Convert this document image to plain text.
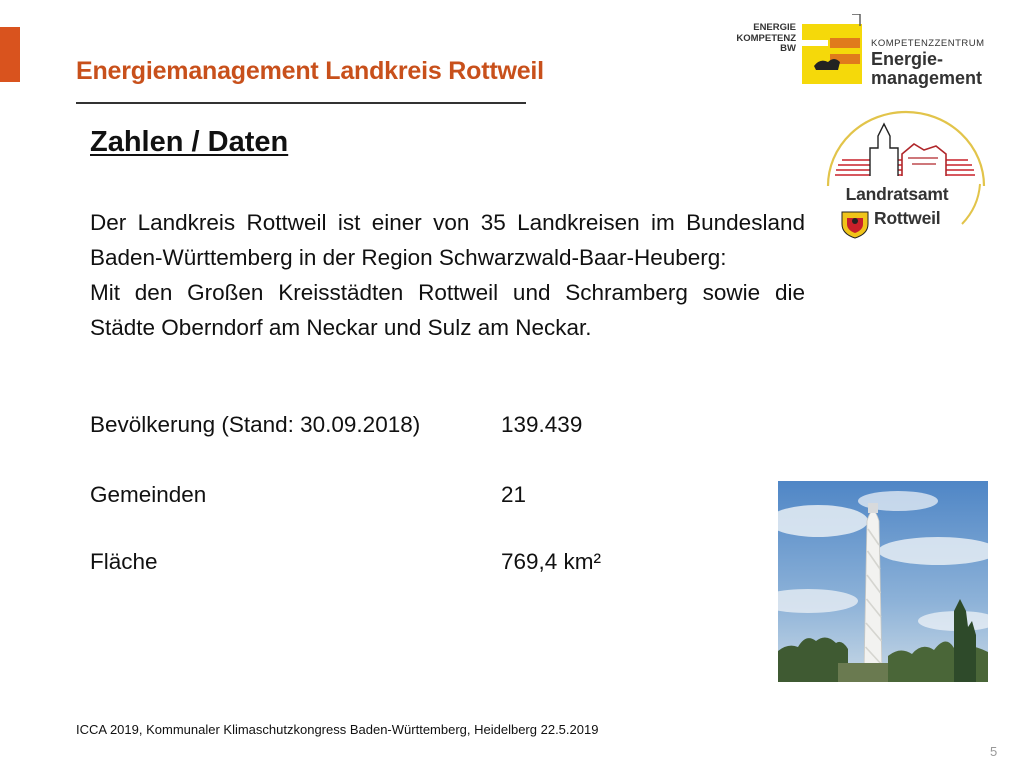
Energiemanagement Landkreis Rottweil
ENERGIE
KOMPETENZ
BW	KOMPETENZZENTRUM
Energie-
management
Landratsamt
Rottweil
Zahlen / Daten

Der Landkreis Rottweil ist einer von 35 Landkreisen im Bundesland Baden-Württemberg in der Region Schwarzwald-Baar-Heuberg:

Mit den Großen Kreisstädten Rottweil und Schramberg sowie die Städte Oberndorf am Neckar und Sulz am Neckar.

Bevölkerung (Stand: 30.09.2018)	139.439
Gemeinden	21
Fläche	769,4 km²
ICCA 2019, Kommunaler Klimaschutzkongress Baden-Württemberg, Heidelberg 22.5.2019
5
